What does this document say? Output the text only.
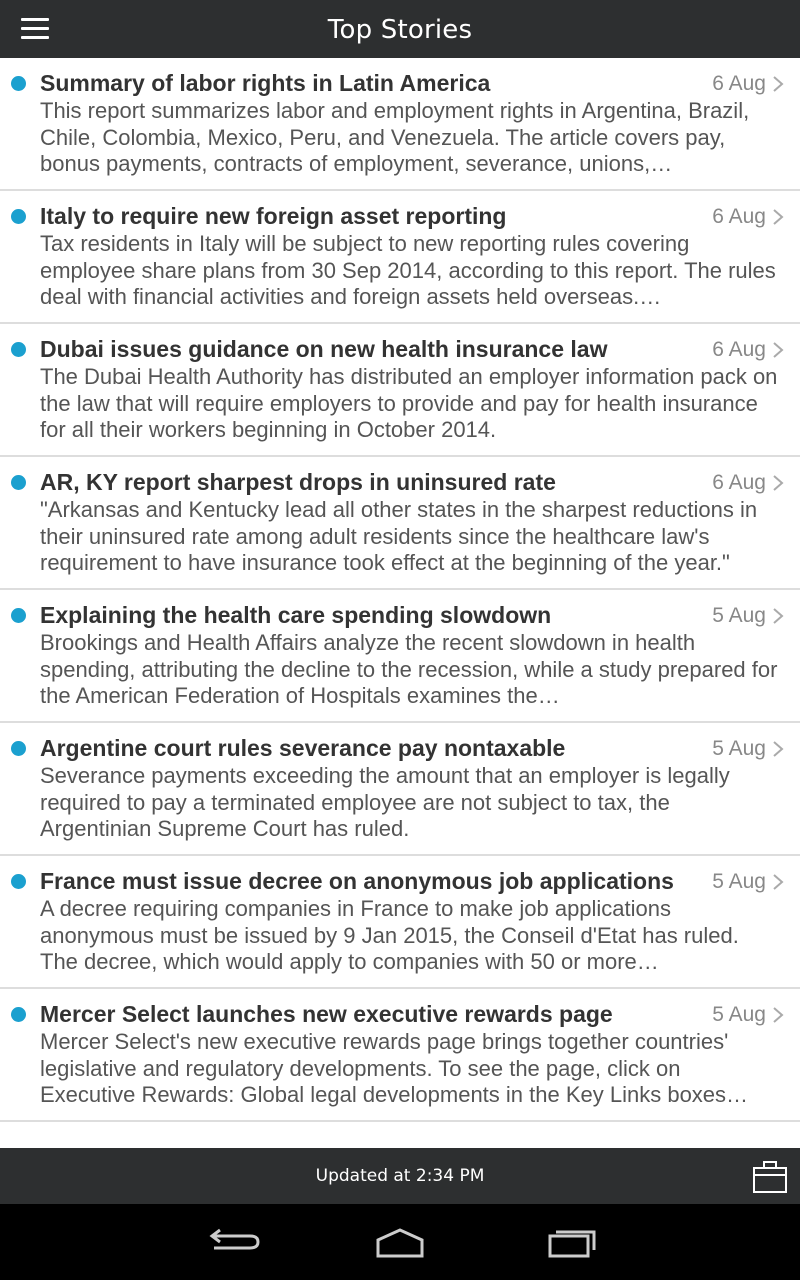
Top Stories
Summary of labor rights in Latin America	6 Aug
This report summarizes labor and employment rights in Argentina, Brazil, Chile, Colombia, Mexico, Peru, and Venezuela. The article covers pay, bonus payments, contracts of employment, severance, unions,…
Italy to require new foreign asset reporting	6 Aug
Tax residents in Italy will be subject to new reporting rules covering employee share plans from 30 Sep 2014, according to this report. The rules deal with financial activities and foreign assets held overseas.…
Dubai issues guidance on new health insurance law	6 Aug
The Dubai Health Authority has distributed an employer information pack on the law that will require employers to provide and pay for health insurance for all their workers beginning in October 2014.
AR, KY report sharpest drops in uninsured rate	6 Aug
"Arkansas and Kentucky lead all other states in the sharpest reductions in their uninsured rate among adult residents since the healthcare law's requirement to have insurance took effect at the beginning of the year."
Explaining the health care spending slowdown	5 Aug
Brookings and Health Affairs analyze the recent slowdown in health spending, attributing the decline to the recession, while a study prepared for the American Federation of Hospitals examines the…
Argentine court rules severance pay nontaxable	5 Aug
Severance payments exceeding the amount that an employer is legally required to pay a terminated employee are not subject to tax, the Argentinian Supreme Court has ruled.
France must issue decree on anonymous job applications	5 Aug
A decree requiring companies in France to make job applications anonymous must be issued by 9 Jan 2015, the Conseil d'Etat has ruled. The decree, which would apply to companies with 50 or more…
Mercer Select launches new executive rewards page	5 Aug
Mercer Select's new executive rewards page brings together countries' legislative and regulatory developments. To see the page, click on Executive Rewards: Global legal developments in the Key Links boxes…
Updated at 2:34 PM
